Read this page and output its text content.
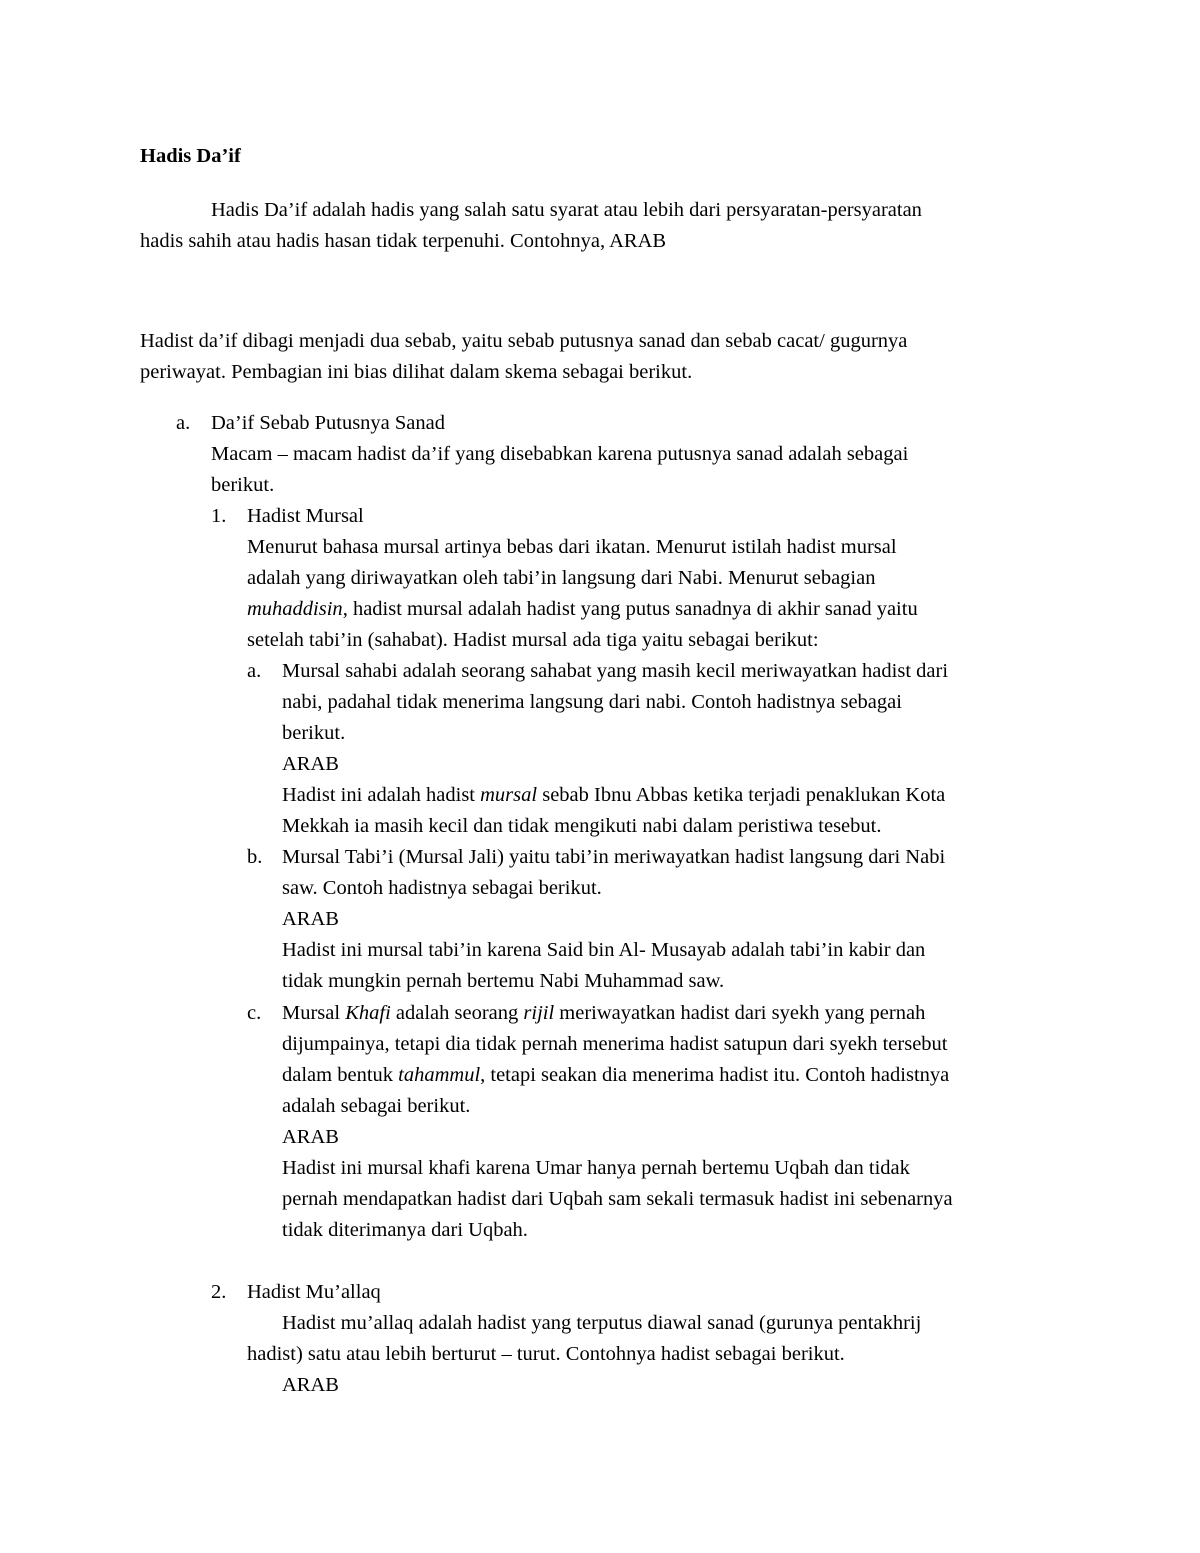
Hadis Da’if
Hadis Da’if adalah hadis yang salah satu syarat atau lebih dari persyaratan-persyaratan
hadis sahih atau hadis hasan tidak terpenuhi. Contohnya, ARAB
Hadist da’if dibagi menjadi dua sebab, yaitu sebab putusnya sanad dan sebab cacat/ gugurnya
periwayat. Pembagian ini bias dilihat dalam skema sebagai berikut.
a. Da’if Sebab Putusnya Sanad
Macam – macam hadist da’if yang disebabkan karena putusnya sanad adalah sebagai
berikut.
1. Hadist Mursal
Menurut bahasa mursal artinya bebas dari ikatan. Menurut istilah hadist mursal
adalah yang diriwayatkan oleh tabi’in langsung dari Nabi. Menurut sebagian
muhaddisin, hadist mursal adalah hadist yang putus sanadnya di akhir sanad yaitu
setelah tabi’in (sahabat). Hadist mursal ada tiga yaitu sebagai berikut:
a. Mursal sahabi adalah seorang sahabat yang masih kecil meriwayatkan hadist dari
nabi, padahal tidak menerima langsung dari nabi. Contoh hadistnya sebagai
berikut.
ARAB
Hadist ini adalah hadist mursal sebab Ibnu Abbas ketika terjadi penaklukan Kota
Mekkah ia masih kecil dan tidak mengikuti nabi dalam peristiwa tesebut.
b. Mursal Tabi’i (Mursal Jali) yaitu tabi’in meriwayatkan hadist langsung dari Nabi
saw. Contoh hadistnya sebagai berikut.
ARAB
Hadist ini mursal tabi’in karena Said bin Al- Musayab adalah tabi’in kabir dan
tidak mungkin pernah bertemu Nabi Muhammad saw.
c. Mursal Khafi adalah seorang rijil meriwayatkan hadist dari syekh yang pernah
dijumpainya, tetapi dia tidak pernah menerima hadist satupun dari syekh tersebut
dalam bentuk tahammul, tetapi seakan dia menerima hadist itu. Contoh hadistnya
adalah sebagai berikut.
ARAB
Hadist ini mursal khafi karena Umar hanya pernah bertemu Uqbah dan tidak
pernah mendapatkan hadist dari Uqbah sam sekali termasuk hadist ini sebenarnya
tidak diterimanya dari Uqbah.
2. Hadist Mu’allaq
Hadist mu’allaq adalah hadist yang terputus diawal sanad (gurunya pentakhrij
hadist) satu atau lebih berturut – turut. Contohnya hadist sebagai berikut.
ARAB
